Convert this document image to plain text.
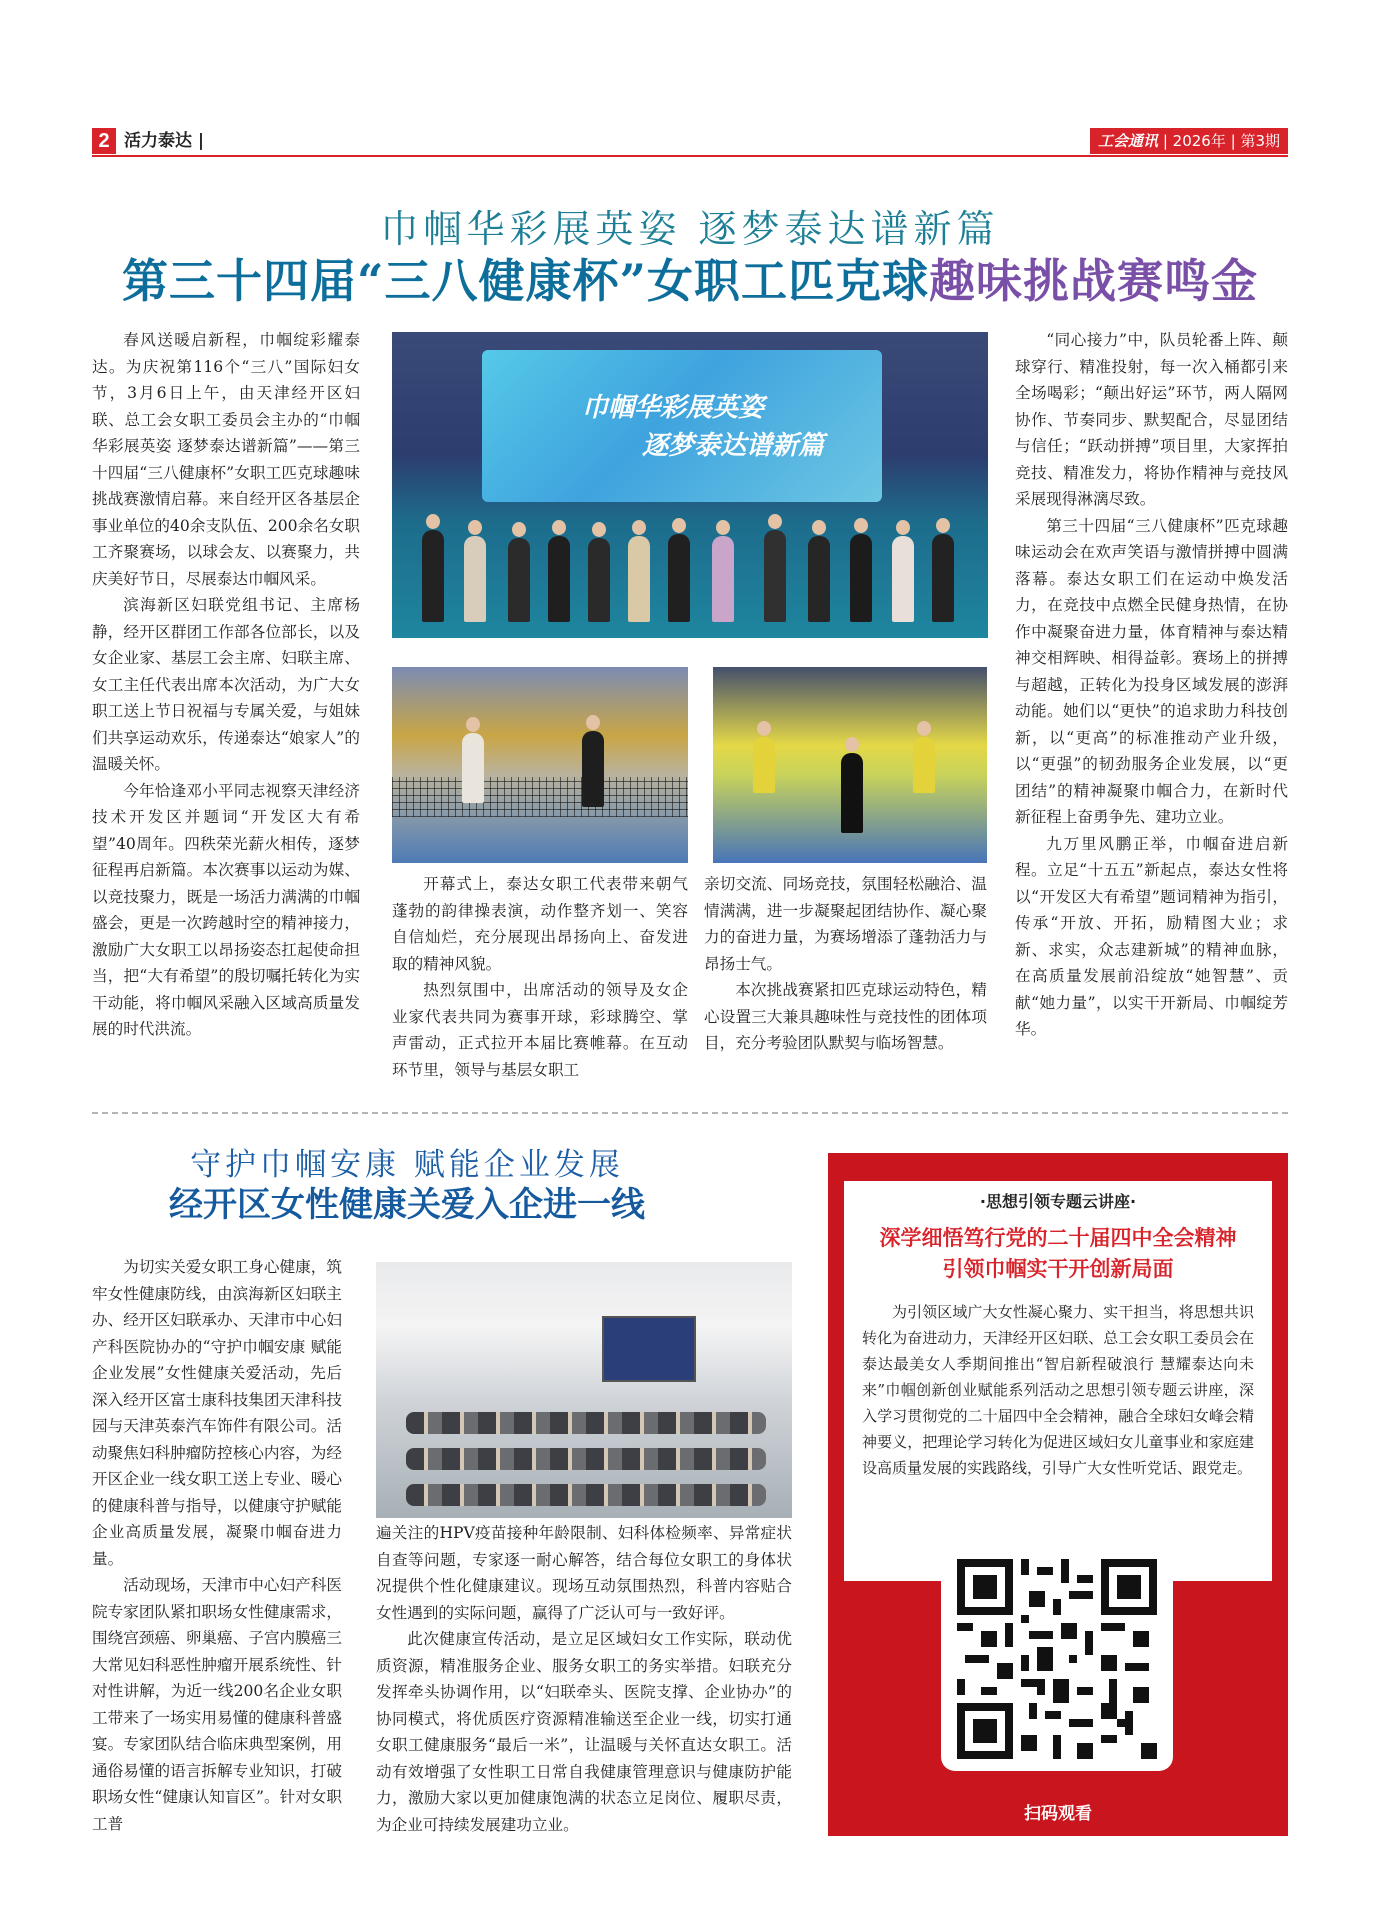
2 活力泰达 |	工会通讯 | 2026年 | 第3期
巾帼华彩展英姿 逐梦泰达谱新篇
第三十四届“三八健康杯”女职工匹克球趣味挑战赛鸣金

春风送暖启新程，巾帼绽彩耀泰达。为庆祝第116个“三八”国际妇女节，3月6日上午，由天津经开区妇联、总工会女职工委员会主办的“巾帼华彩展英姿 逐梦泰达谱新篇”——第三十四届“三八健康杯”女职工匹克球趣味挑战赛激情启幕。来自经开区各基层企事业单位的40余支队伍、200余名女职工齐聚赛场，以球会友、以赛聚力，共庆美好节日，尽展泰达巾帼风采。

滨海新区妇联党组书记、主席杨静，经开区群团工作部各位部长，以及女企业家、基层工会主席、妇联主席、女工主任代表出席本次活动，为广大女职工送上节日祝福与专属关爱，与姐妹们共享运动欢乐，传递泰达“娘家人”的温暖关怀。

今年恰逢邓小平同志视察天津经济技术开发区并题词“开发区大有希望”40周年。四秩荣光薪火相传，逐梦征程再启新篇。本次赛事以运动为媒、以竞技聚力，既是一场活力满满的巾帼盛会，更是一次跨越时空的精神接力，激励广大女职工以昂扬姿态扛起使命担当，把“大有希望”的殷切嘱托转化为实干动能，将巾帼风采融入区域高质量发展的时代洪流。

巾帼华彩展英姿
逐梦泰达谱新篇

开幕式上，泰达女职工代表带来朝气蓬勃的韵律操表演，动作整齐划一、笑容自信灿烂，充分展现出昂扬向上、奋发进取的精神风貌。

热烈氛围中，出席活动的领导及女企业家代表共同为赛事开球，彩球腾空、掌声雷动，正式拉开本届比赛帷幕。在互动环节里，领导与基层女职工

亲切交流、同场竞技，氛围轻松融洽、温情满满，进一步凝聚起团结协作、凝心聚力的奋进力量，为赛场增添了蓬勃活力与昂扬士气。

本次挑战赛紧扣匹克球运动特色，精心设置三大兼具趣味性与竞技性的团体项目，充分考验团队默契与临场智慧。

“同心接力”中，队员轮番上阵、颠球穿行、精准投射，每一次入桶都引来全场喝彩；“颠出好运”环节，两人隔网协作、节奏同步、默契配合，尽显团结与信任；“跃动拼搏”项目里，大家挥拍竞技、精准发力，将协作精神与竞技风采展现得淋漓尽致。

第三十四届“三八健康杯”匹克球趣味运动会在欢声笑语与激情拼搏中圆满落幕。泰达女职工们在运动中焕发活力，在竞技中点燃全民健身热情，在协作中凝聚奋进力量，体育精神与泰达精神交相辉映、相得益彰。赛场上的拼搏与超越，正转化为投身区域发展的澎湃动能。她们以“更快”的追求助力科技创新，以“更高”的标准推动产业升级，以“更强”的韧劲服务企业发展，以“更团结”的精神凝聚巾帼合力，在新时代新征程上奋勇争先、建功立业。

九万里风鹏正举，巾帼奋进启新程。立足“十五五”新起点，泰达女性将以“开发区大有希望”题词精神为指引，传承“开放、开拓，励精图大业；求新、求实，众志建新城”的精神血脉，在高质量发展前沿绽放“她智慧”、贡献“她力量”，以实干开新局、巾帼绽芳华。

守护巾帼安康 赋能企业发展
经开区女性健康关爱入企进一线

为切实关爱女职工身心健康，筑牢女性健康防线，由滨海新区妇联主办、经开区妇联承办、天津市中心妇产科医院协办的“守护巾帼安康 赋能企业发展”女性健康关爱活动，先后深入经开区富士康科技集团天津科技园与天津英泰汽车饰件有限公司。活动聚焦妇科肿瘤防控核心内容，为经开区企业一线女职工送上专业、暖心的健康科普与指导，以健康守护赋能企业高质量发展，凝聚巾帼奋进力量。

活动现场，天津市中心妇产科医院专家团队紧扣职场女性健康需求，围绕宫颈癌、卵巢癌、子宫内膜癌三大常见妇科恶性肿瘤开展系统性、针对性讲解，为近一线200名企业女职工带来了一场实用易懂的健康科普盛宴。专家团队结合临床典型案例，用通俗易懂的语言拆解专业知识，打破职场女性“健康认知盲区”。针对女职工普

遍关注的HPV疫苗接种年龄限制、妇科体检频率、异常症状自查等问题，专家逐一耐心解答，结合每位女职工的身体状况提供个性化健康建议。现场互动氛围热烈，科普内容贴合女性遇到的实际问题，赢得了广泛认可与一致好评。

此次健康宣传活动，是立足区域妇女工作实际，联动优质资源，精准服务企业、服务女职工的务实举措。妇联充分发挥牵头协调作用，以“妇联牵头、医院支撑、企业协办”的协同模式，将优质医疗资源精准输送至企业一线，切实打通女职工健康服务“最后一米”，让温暖与关怀直达女职工。活动有效增强了女性职工日常自我健康管理意识与健康防护能力，激励大家以更加健康饱满的状态立足岗位、履职尽责，为企业可持续发展建功立业。

·思想引领专题云讲座·
深学细悟笃行党的二十届四中全会精神
引领巾帼实干开创新局面

为引领区域广大女性凝心聚力、实干担当，将思想共识转化为奋进动力，天津经开区妇联、总工会女职工委员会在泰达最美女人季期间推出“智启新程破浪行 慧耀泰达向未来”巾帼创新创业赋能系列活动之思想引领专题云讲座，深入学习贯彻党的二十届四中全会精神，融合全球妇女峰会精神要义，把理论学习转化为促进区域妇女儿童事业和家庭建设高质量发展的实践路线，引导广大女性听党话、跟党走。

扫码观看
